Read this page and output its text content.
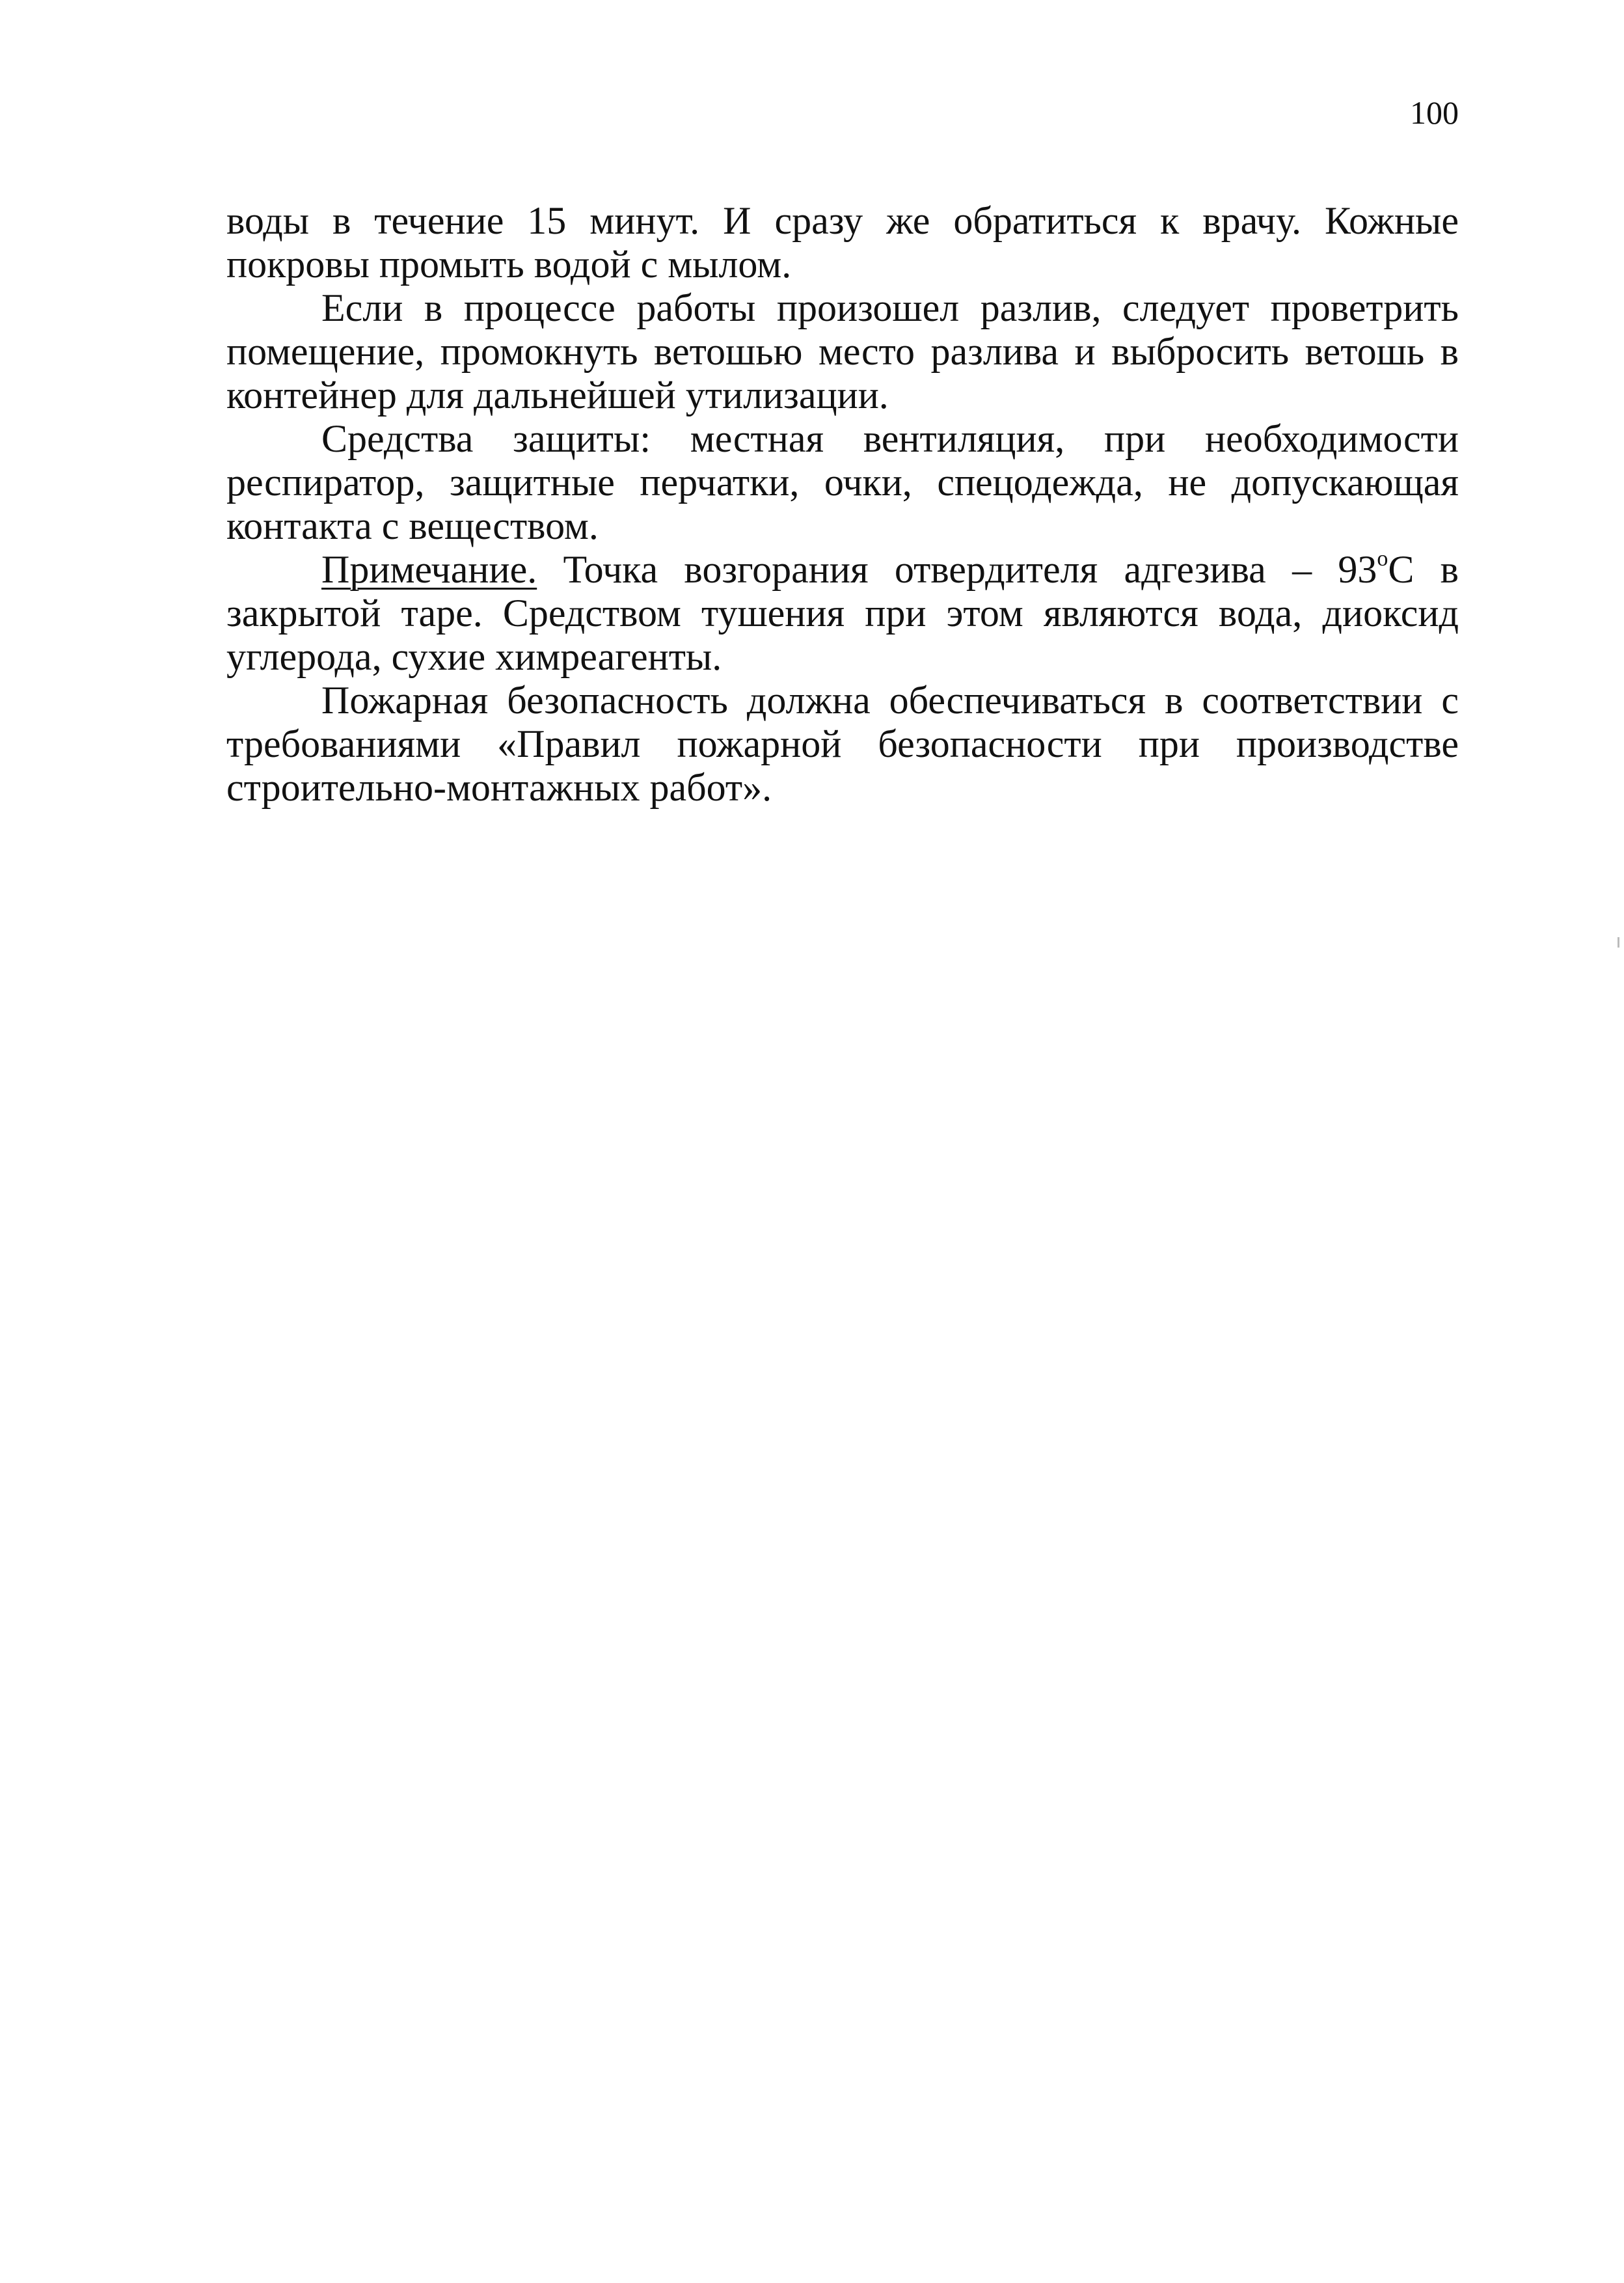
100

воды в течение 15 минут. И сразу же обратиться к врачу. Кожные покровы промыть водой с мылом.

Если в процессе работы произошел разлив, следует проветрить помещение, промокнуть ветошью место разлива и выбросить ветошь в контейнер для дальнейшей утилизации.

Средства защиты: местная вентиляция, при необходимости респиратор, защитные перчатки, очки, спецодежда, не допускающая контакта с веществом.

Примечание. Точка возгорания отвердителя адгезива – 93$^o$С в закрытой таре. Средством тушения при этом являются вода, диоксид углерода, сухие химреагенты.

Пожарная безопасность должна обеспечиваться в соответствии с требованиями «Правил пожарной безопасности при производстве строительно-монтажных работ».
